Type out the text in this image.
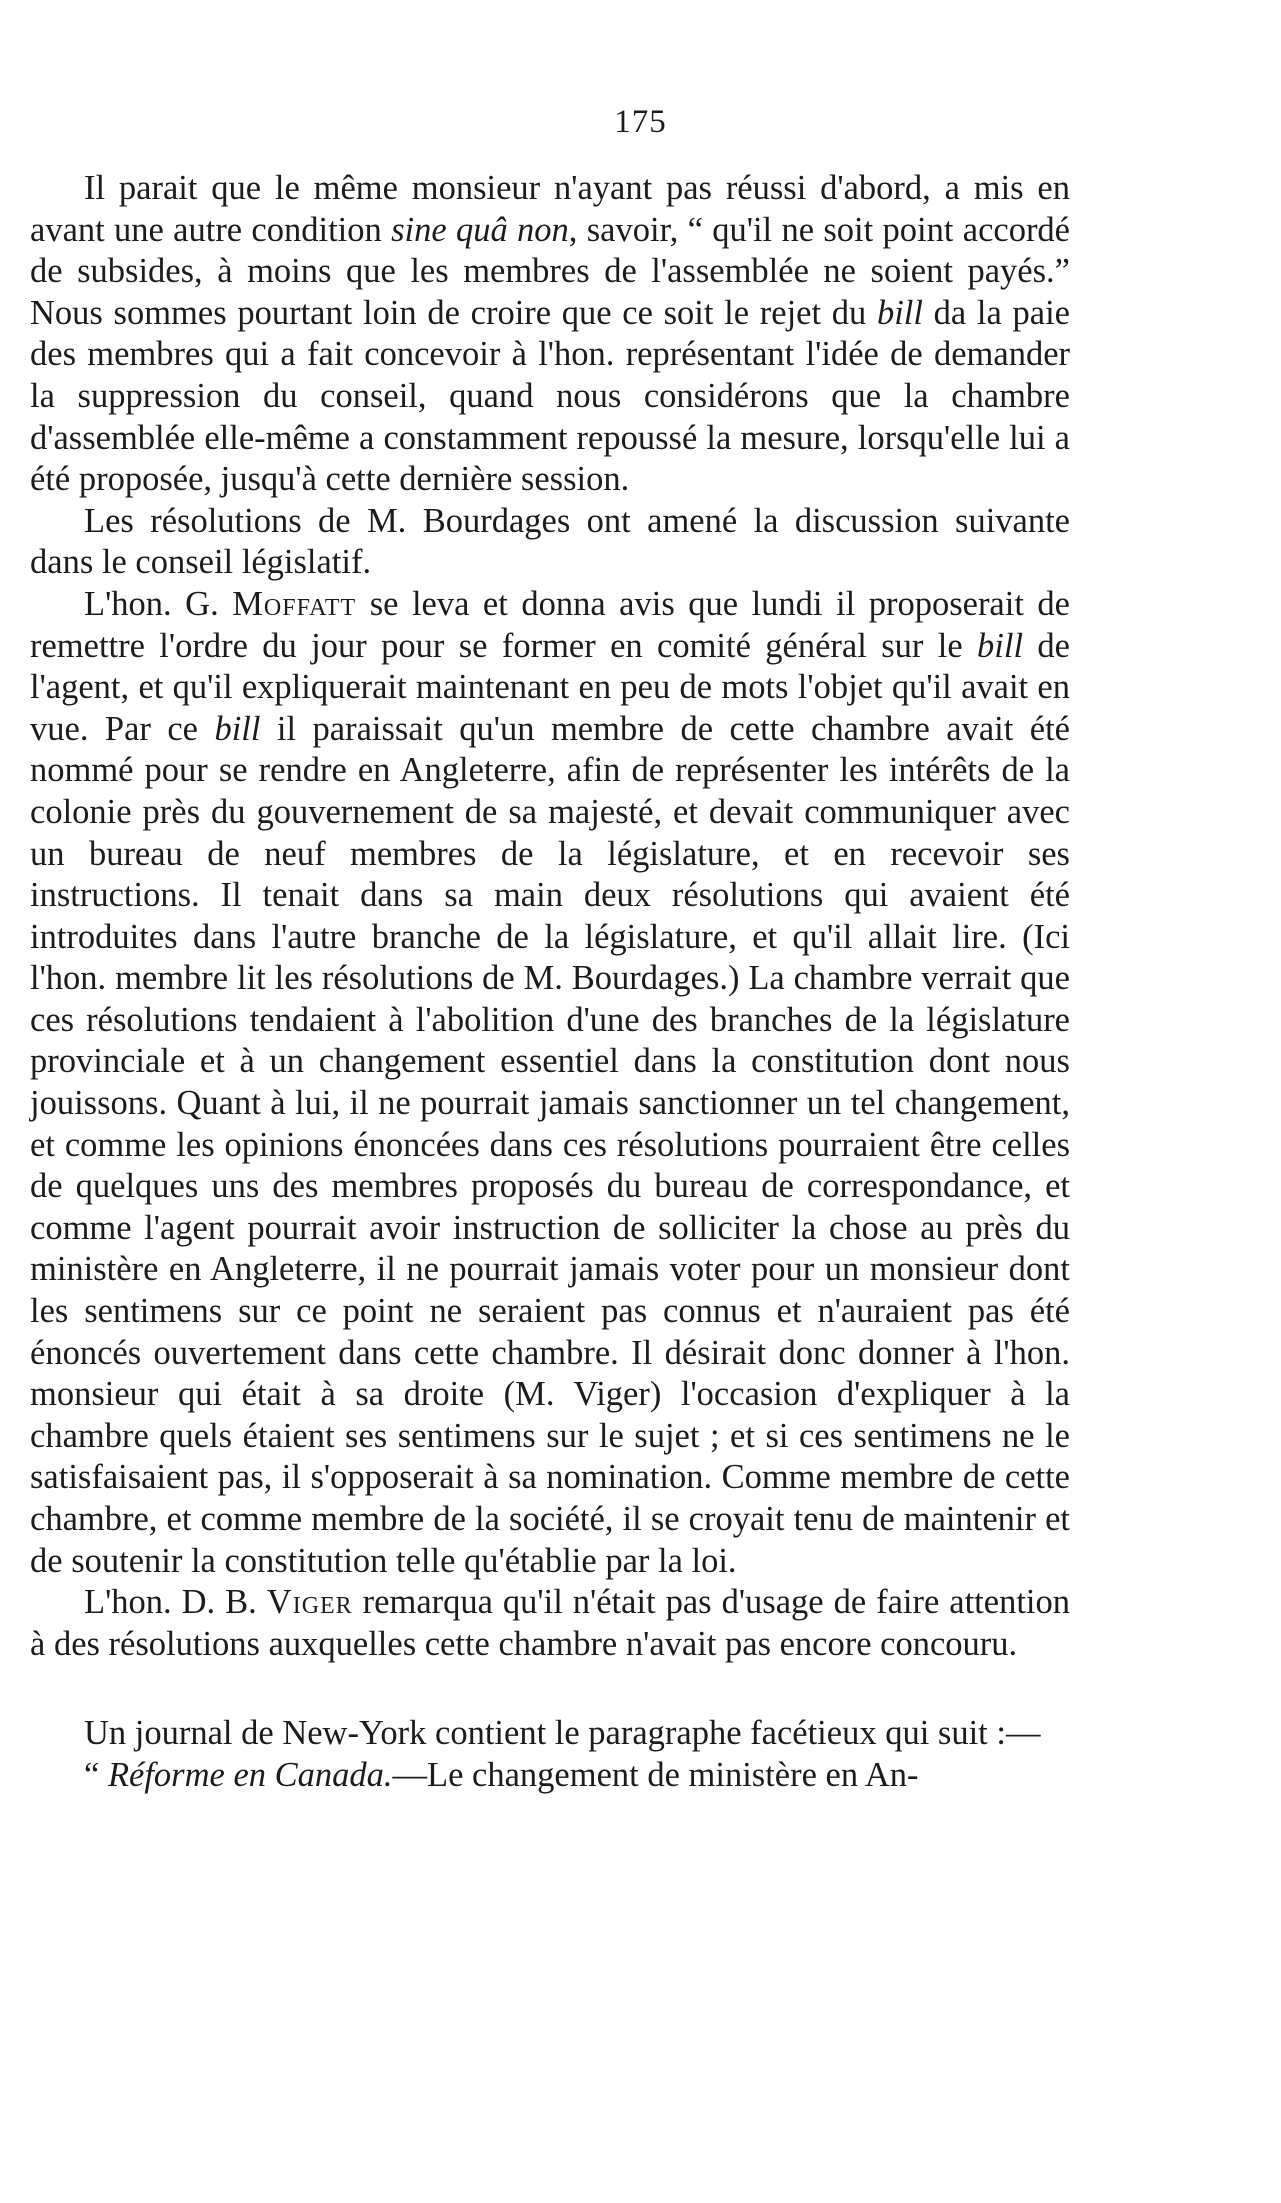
175

Il parait que le même monsieur n'ayant pas réussi d'abord, a mis en avant une autre condition sine quâ non, savoir, “ qu'il ne soit point accordé de subsides, à moins que les membres de l'assemblée ne soient payés.” Nous sommes pourtant loin de croire que ce soit le rejet du bill da la paie des membres qui a fait concevoir à l'hon. représentant l'idée de demander la suppression du conseil, quand nous considérons que la chambre d'assemblée elle-même a constamment repoussé la mesure, lorsqu'elle lui a été proposée, jusqu'à cette dernière session.

Les résolutions de M. Bourdages ont amené la discussion suivante dans le conseil législatif.

L'hon. G. Moffatt se leva et donna avis que lundi il proposerait de remettre l'ordre du jour pour se former en comité général sur le bill de l'agent, et qu'il expliquerait maintenant en peu de mots l'objet qu'il avait en vue. Par ce bill il paraissait qu'un membre de cette chambre avait été nommé pour se rendre en Angleterre, afin de représenter les intérêts de la colonie près du gouvernement de sa majesté, et devait communiquer avec un bureau de neuf membres de la législature, et en recevoir ses instructions. Il tenait dans sa main deux résolutions qui avaient été introduites dans l'autre branche de la législature, et qu'il allait lire. (Ici l'hon. membre lit les résolutions de M. Bourdages.) La chambre verrait que ces résolutions tendaient à l'abolition d'une des branches de la législature provinciale et à un changement essentiel dans la constitution dont nous jouissons. Quant à lui, il ne pourrait jamais sanctionner un tel changement, et comme les opinions énoncées dans ces résolutions pourraient être celles de quelques uns des membres proposés du bureau de correspondance, et comme l'agent pourrait avoir instruction de solliciter la chose au près du ministère en Angleterre, il ne pourrait jamais voter pour un monsieur dont les sentimens sur ce point ne seraient pas connus et n'auraient pas été énoncés ouvertement dans cette chambre. Il désirait donc donner à l'hon. monsieur qui était à sa droite (M. Viger) l'occasion d'expliquer à la chambre quels étaient ses sentimens sur le sujet ; et si ces sentimens ne le satisfaisaient pas, il s'opposerait à sa nomination. Comme membre de cette chambre, et comme membre de la société, il se croyait tenu de maintenir et de soutenir la constitution telle qu'établie par la loi.

L'hon. D. B. Viger remarqua qu'il n'était pas d'usage de faire attention à des résolutions auxquelles cette chambre n'avait pas encore concouru.

Un journal de New-York contient le paragraphe facétieux qui suit :—

“ Réforme en Canada.—Le changement de ministère en An-
